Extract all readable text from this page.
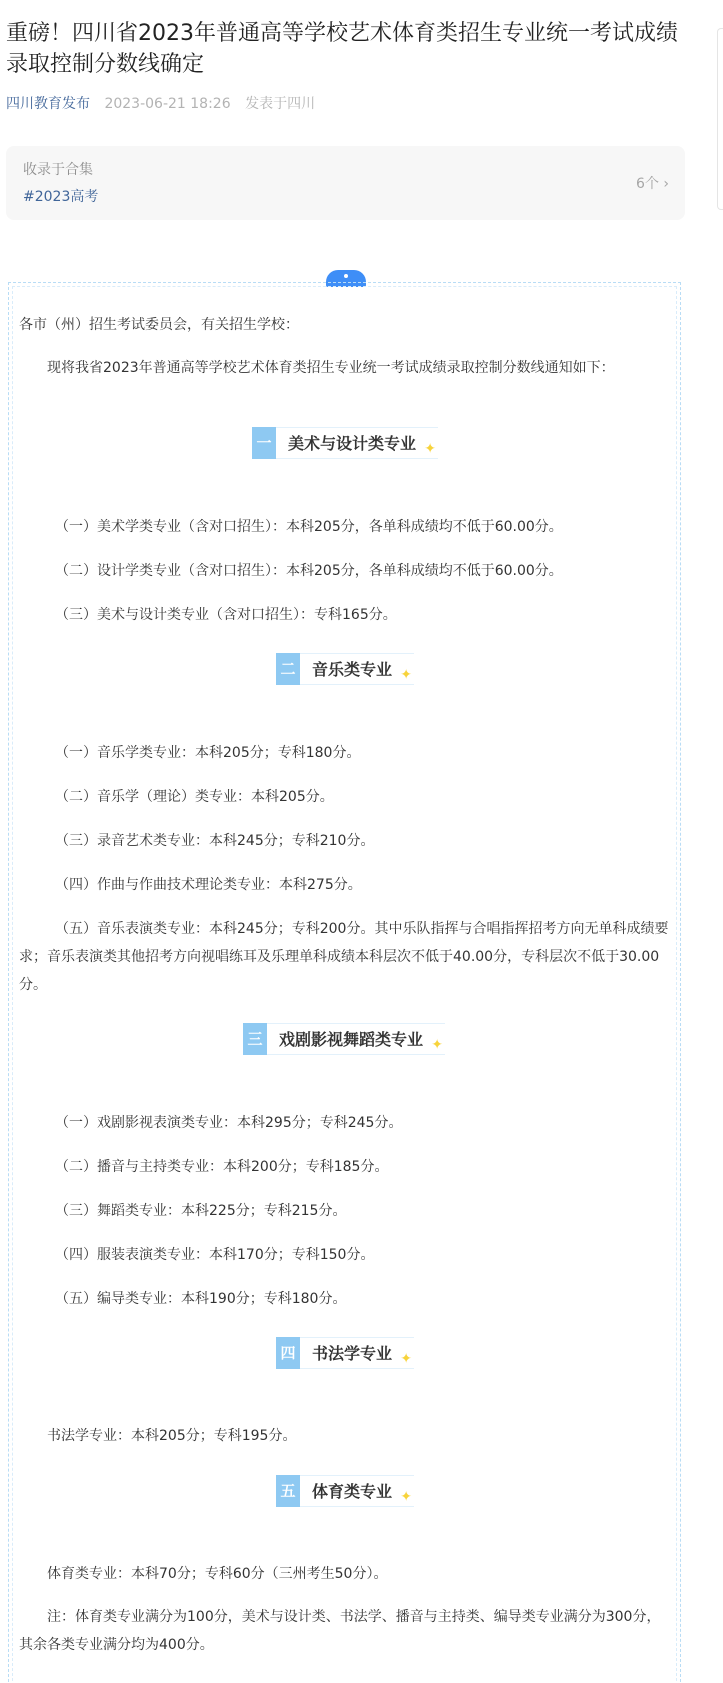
重磅！四川省2023年普通高等学校艺术体育类招生专业统一考试成绩录取控制分数线确定
四川教育发布 2023-06-21 18:26 发表于四川
收录于合集
#2023高考
6个 ›
各市（州）招生考试委员会，有关招生学校：
现将我省2023年普通高等学校艺术体育类招生专业统一考试成绩录取控制分数线通知如下：
一	美术与设计类专业 ✦
（一）美术学类专业（含对口招生）：本科205分，各单科成绩均不低于60.00分。
（二）设计学类专业（含对口招生）：本科205分，各单科成绩均不低于60.00分。
（三）美术与设计类专业（含对口招生）：专科165分。
二	音乐类专业 ✦
（一）音乐学类专业：本科205分；专科180分。
（二）音乐学（理论）类专业：本科205分。
（三）录音艺术类专业：本科245分；专科210分。
（四）作曲与作曲技术理论类专业：本科275分。
（五）音乐表演类专业：本科245分；专科200分。其中乐队指挥与合唱指挥招考方向无单科成绩要求；音乐表演类其他招考方向视唱练耳及乐理单科成绩本科层次不低于40.00分，专科层次不低于30.00分。
三	戏剧影视舞蹈类专业 ✦
（一）戏剧影视表演类专业：本科295分；专科245分。
（二）播音与主持类专业：本科200分；专科185分。
（三）舞蹈类专业：本科225分；专科215分。
（四）服装表演类专业：本科170分；专科150分。
（五）编导类专业：本科190分；专科180分。
四	书法学专业 ✦
书法学专业：本科205分；专科195分。
五	体育类专业 ✦
体育类专业：本科70分；专科60分（三州考生50分）。
注：体育类专业满分为100分，美术与设计类、书法学、播音与主持类、编导类专业满分为300分，其余各类专业满分均为400分。
